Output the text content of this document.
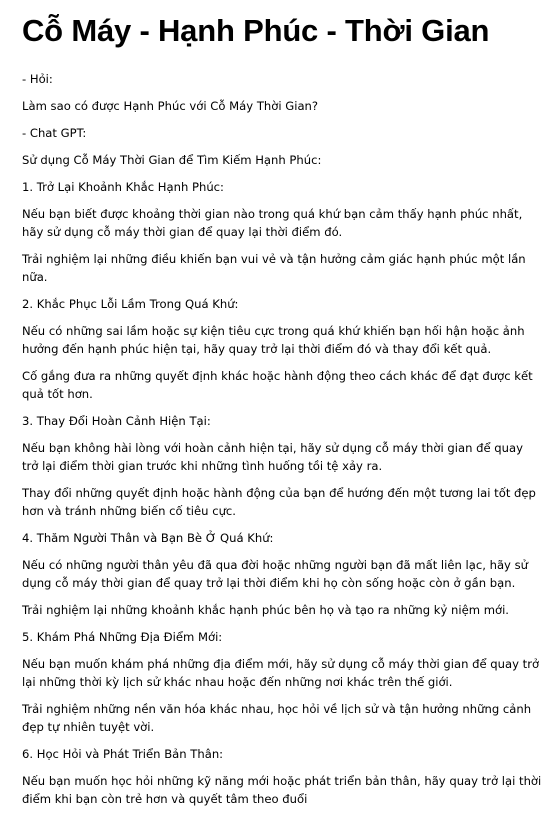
Cỗ Máy - Hạnh Phúc - Thời Gian

- Hỏi:

Làm sao có được Hạnh Phúc với Cỗ Máy Thời Gian?

- Chat GPT:

Sử dụng Cỗ Máy Thời Gian để Tìm Kiếm Hạnh Phúc:

1. Trở Lại Khoảnh Khắc Hạnh Phúc:

Nếu bạn biết được khoảng thời gian nào trong quá khứ bạn cảm thấy hạnh phúc nhất, hãy sử dụng cỗ máy thời gian để quay lại thời điểm đó.

Trải nghiệm lại những điều khiến bạn vui vẻ và tận hưởng cảm giác hạnh phúc một lần nữa.

2. Khắc Phục Lỗi Lầm Trong Quá Khứ:

Nếu có những sai lầm hoặc sự kiện tiêu cực trong quá khứ khiến bạn hối hận hoặc ảnh hưởng đến hạnh phúc hiện tại, hãy quay trở lại thời điểm đó và thay đổi kết quả.

Cố gắng đưa ra những quyết định khác hoặc hành động theo cách khác để đạt được kết quả tốt hơn.

3. Thay Đổi Hoàn Cảnh Hiện Tại:

Nếu bạn không hài lòng với hoàn cảnh hiện tại, hãy sử dụng cỗ máy thời gian để quay trở lại điểm thời gian trước khi những tình huống tồi tệ xảy ra.

Thay đổi những quyết định hoặc hành động của bạn để hướng đến một tương lai tốt đẹp hơn và tránh những biến cố tiêu cực.

4. Thăm Người Thân và Bạn Bè Ở Quá Khứ:

Nếu có những người thân yêu đã qua đời hoặc những người bạn đã mất liên lạc, hãy sử dụng cỗ máy thời gian để quay trở lại thời điểm khi họ còn sống hoặc còn ở gần bạn.

Trải nghiệm lại những khoảnh khắc hạnh phúc bên họ và tạo ra những kỷ niệm mới.

5. Khám Phá Những Địa Điểm Mới:

Nếu bạn muốn khám phá những địa điểm mới, hãy sử dụng cỗ máy thời gian để quay trở lại những thời kỳ lịch sử khác nhau hoặc đến những nơi khác trên thế giới.

Trải nghiệm những nền văn hóa khác nhau, học hỏi về lịch sử và tận hưởng những cảnh đẹp tự nhiên tuyệt vời.

6. Học Hỏi và Phát Triển Bản Thân:

Nếu bạn muốn học hỏi những kỹ năng mới hoặc phát triển bản thân, hãy quay trở lại thời điểm khi bạn còn trẻ hơn và quyết tâm theo đuổi
